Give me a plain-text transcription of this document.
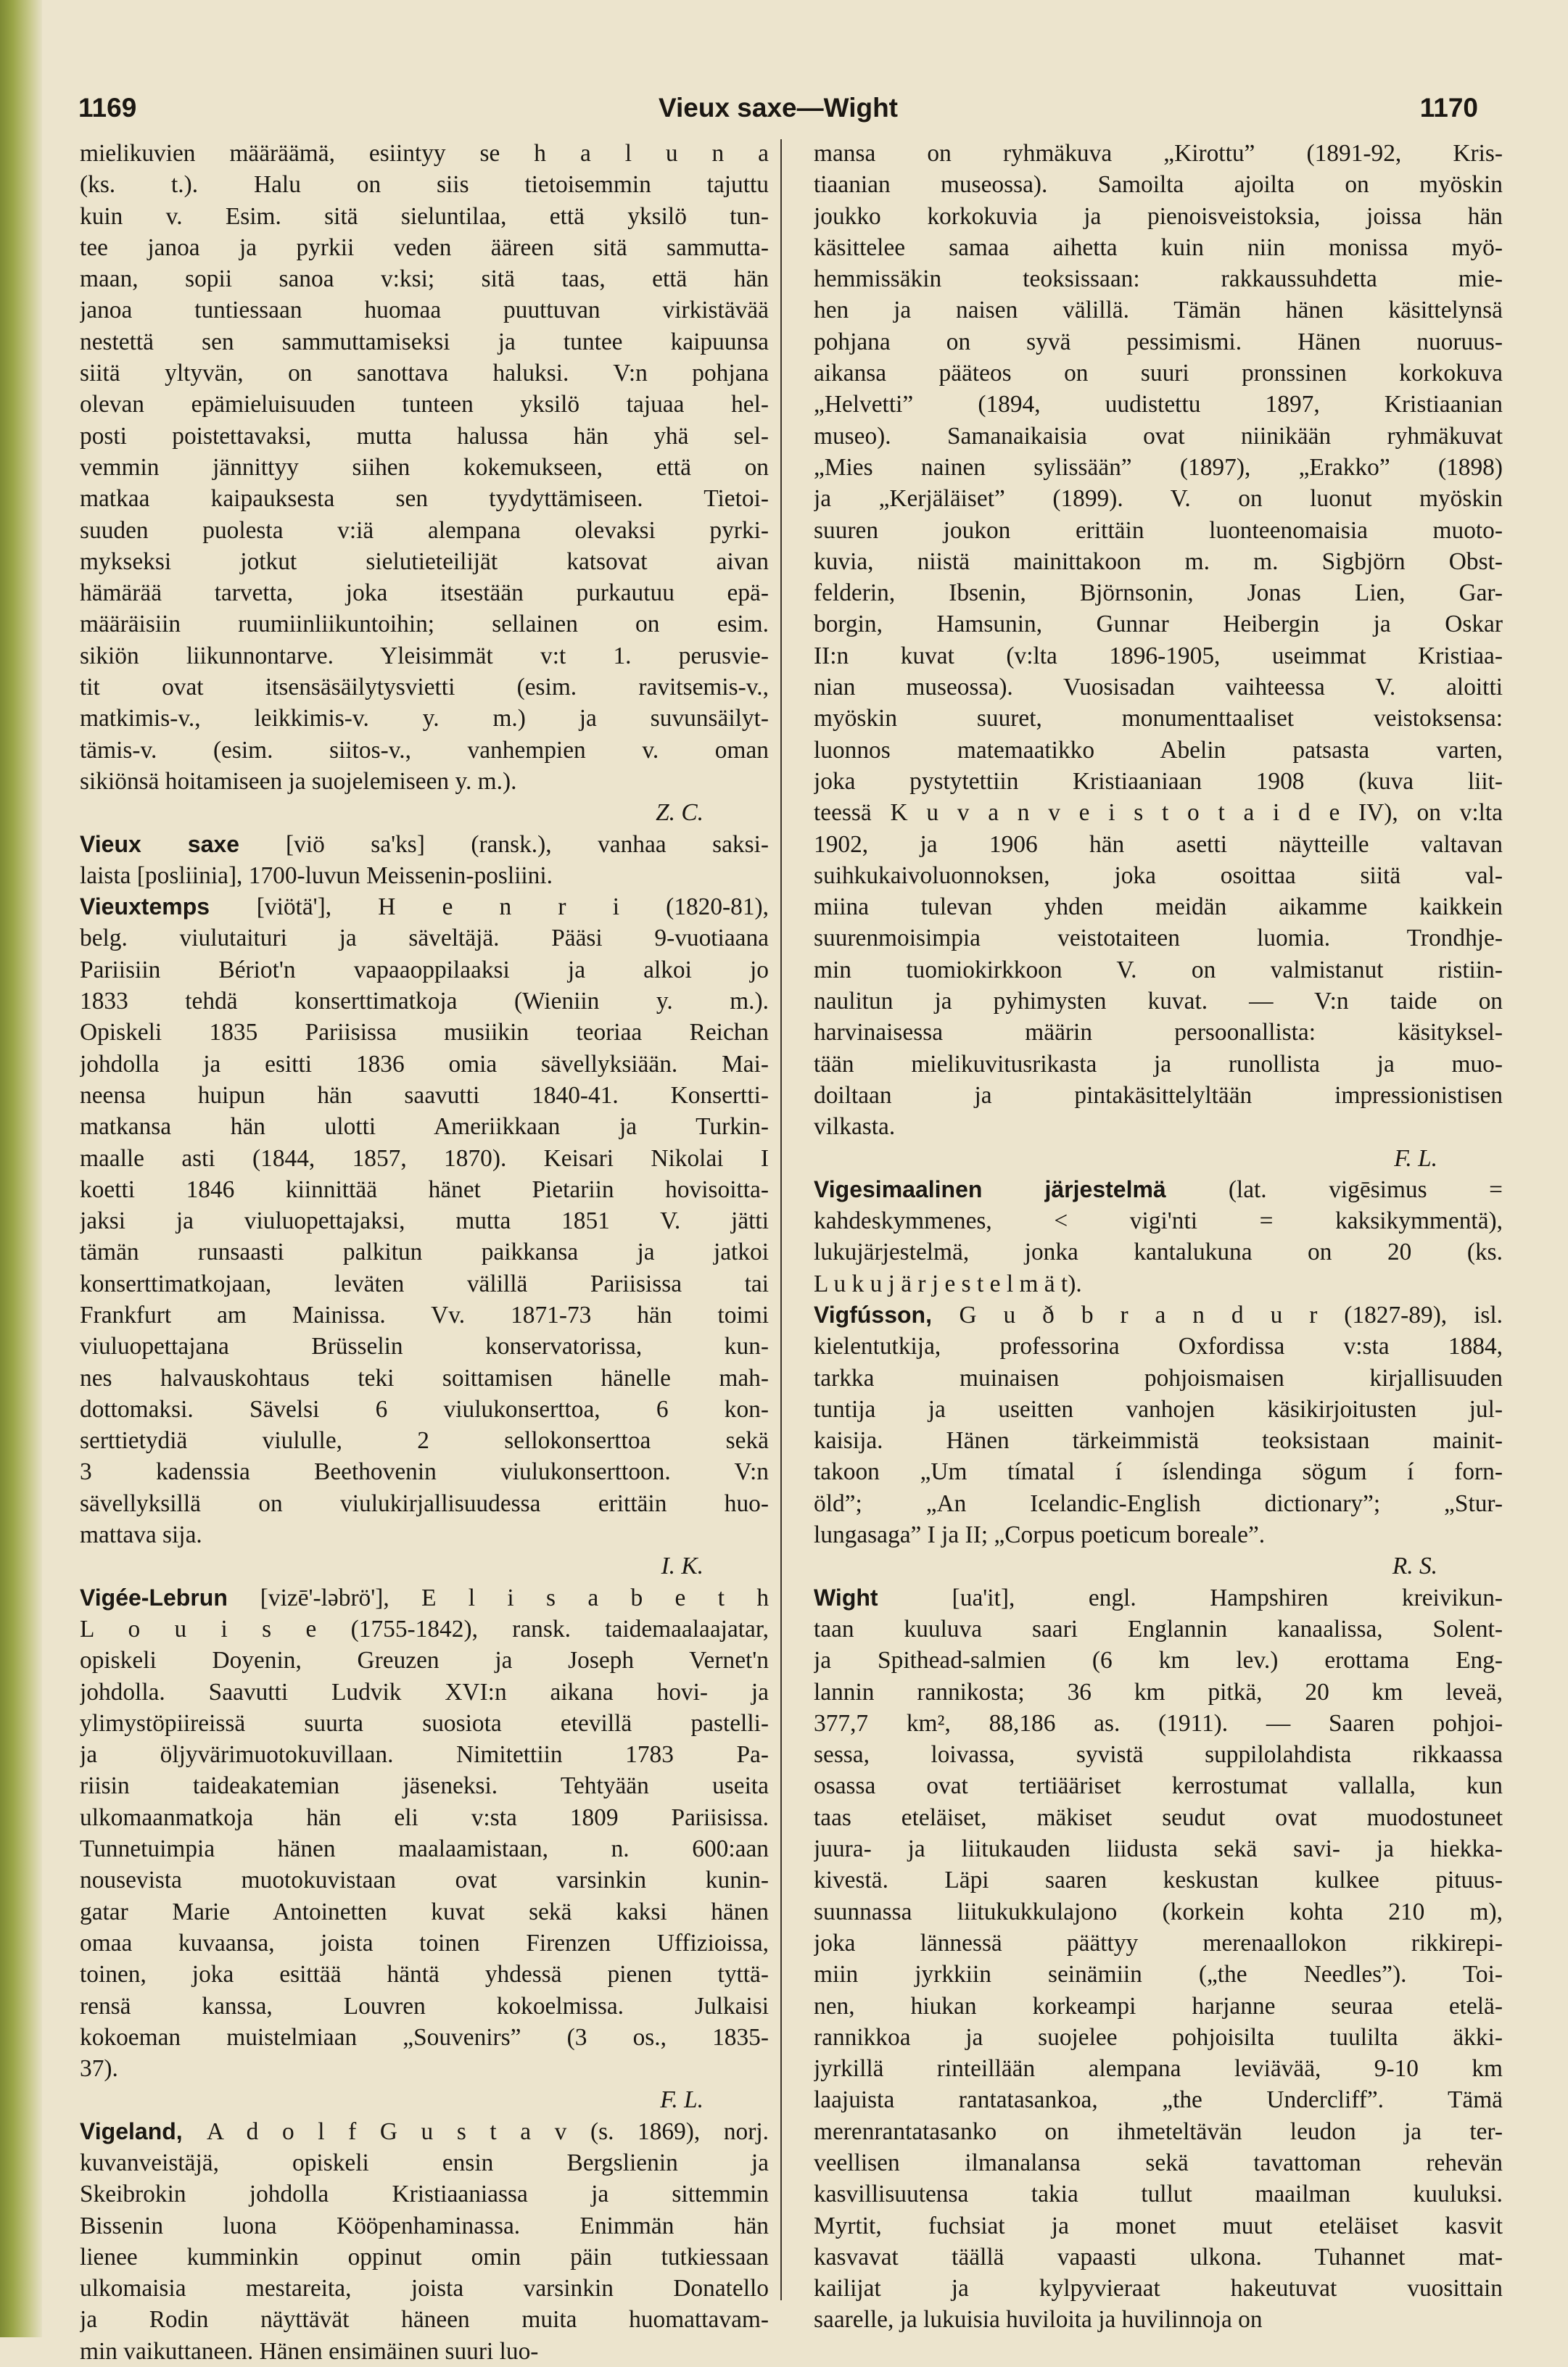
1169	Vieux saxe—Wight	1170
mielikuvien määräämä, esiintyy se h a l u n a
(ks. t.). Halu on siis tietoisemmin tajuttu
kuin v. Esim. sitä sieluntilaa, että yksilö tun-
tee janoa ja pyrkii veden ääreen sitä sammutta-
maan, sopii sanoa v:ksi; sitä taas, että hän
janoa tuntiessaan huomaa puuttuvan virkistävää
nestettä sen sammuttamiseksi ja tuntee kaipuunsa
siitä yltyvän, on sanottava haluksi. V:n pohjana
olevan epämieluisuuden tunteen yksilö tajuaa hel-
posti poistettavaksi, mutta halussa hän yhä sel-
vemmin jännittyy siihen kokemukseen, että on
matkaa kaipauksesta sen tyydyttämiseen. Tietoi-
suuden puolesta v:iä alempana olevaksi pyrki-
mykseksi jotkut sielutieteilijät katsovat aivan
hämärää tarvetta, joka itsestään purkautuu epä-
määräisiin ruumiinliikuntoihin; sellainen on esim.
sikiön liikunnontarve. Yleisimmät v:t 1. perusvie-
tit ovat itsensäsäilytysvietti (esim. ravitsemis-v.,
matkimis-v., leikkimis-v. y. m.) ja suvunsäilyt-
tämis-v. (esim. siitos-v., vanhempien v. oman
sikiönsä hoitamiseen ja suojelemiseen y. m.).
Z. C.
Vieux saxe [viö sa'ks] (ransk.), vanhaa saksi-
laista [posliinia], 1700-luvun Meissenin-posliini.
Vieuxtemps [viötä'], H e n r i (1820-81),
belg. viulutaituri ja säveltäjä. Pääsi 9-vuotiaana
Pariisiin Bériot'n vapaaoppilaaksi ja alkoi jo
1833 tehdä konserttimatkoja (Wieniin y. m.).
Opiskeli 1835 Pariisissa musiikin teoriaa Reichan
johdolla ja esitti 1836 omia sävellyksiään. Mai-
neensa huipun hän saavutti 1840-41. Konsertti-
matkansa hän ulotti Ameriikkaan ja Turkin-
maalle asti (1844, 1857, 1870). Keisari Nikolai I
koetti 1846 kiinnittää hänet Pietariin hovisoitta-
jaksi ja viuluopettajaksi, mutta 1851 V. jätti
tämän runsaasti palkitun paikkansa ja jatkoi
konserttimatkojaan, leväten välillä Pariisissa tai
Frankfurt am Mainissa. Vv. 1871-73 hän toimi
viuluopettajana Brüsselin konservatorissa, kun-
nes halvauskohtaus teki soittamisen hänelle mah-
dottomaksi. Sävelsi 6 viulukonserttoa, 6 kon-
serttietydiä viululle, 2 sellokonserttoa sekä
3 kadenssia Beethovenin viulukonserttoon. V:n
sävellyksillä on viulukirjallisuudessa erittäin huo-
mattava sija.
I. K.
Vigée-Lebrun [vizē'-lǝbrö'], E l i s a b e t h
L o u i s e (1755-1842), ransk. taidemaalaajatar,
opiskeli Doyenin, Greuzen ja Joseph Vernet'n
johdolla. Saavutti Ludvik XVI:n aikana hovi- ja
ylimystöpiireissä suurta suosiota etevillä pastelli-
ja öljyvärimuotokuvillaan. Nimitettiin 1783 Pa-
riisin taideakatemian jäseneksi. Tehtyään useita
ulkomaanmatkoja hän eli v:sta 1809 Pariisissa.
Tunnetuimpia hänen maalaamistaan, n. 600:aan
nousevista muotokuvistaan ovat varsinkin kunin-
gatar Marie Antoinetten kuvat sekä kaksi hänen
omaa kuvaansa, joista toinen Firenzen Uffizioissa,
toinen, joka esittää häntä yhdessä pienen tyttä-
rensä kanssa, Louvren kokoelmissa. Julkaisi
kokoeman muistelmiaan „Souvenirs” (3 os., 1835-
37).
F. L.
Vigeland, A d o l f G u s t a v (s. 1869), norj.
kuvanveistäjä, opiskeli ensin Bergslienin ja
Skeibrokin johdolla Kristiaaniassa ja sittemmin
Bissenin luona Kööpenhaminassa. Enimmän hän
lienee kumminkin oppinut omin päin tutkiessaan
ulkomaisia mestareita, joista varsinkin Donatello
ja Rodin näyttävät häneen muita huomattavam-
min vaikuttaneen. Hänen ensimäinen suuri luo-
mansa on ryhmäkuva „Kirottu” (1891-92, Kris-
tiaanian museossa). Samoilta ajoilta on myöskin
joukko korkokuvia ja pienoisveistoksia, joissa hän
käsittelee samaa aihetta kuin niin monissa myö-
hemmissäkin teoksissaan: rakkaussuhdetta mie-
hen ja naisen välillä. Tämän hänen käsittelynsä
pohjana on syvä pessimismi. Hänen nuoruus-
aikansa pääteos on suuri pronssinen korkokuva
„Helvetti” (1894, uudistettu 1897, Kristiaanian
museo). Samanaikaisia ovat niinikään ryhmäkuvat
„Mies nainen sylissään” (1897), „Erakko” (1898)
ja „Kerjäläiset” (1899). V. on luonut myöskin
suuren joukon erittäin luonteenomaisia muoto-
kuvia, niistä mainittakoon m. m. Sigbjörn Obst-
felderin, Ibsenin, Björnsonin, Jonas Lien, Gar-
borgin, Hamsunin, Gunnar Heibergin ja Oskar
II:n kuvat (v:lta 1896-1905, useimmat Kristiaa-
nian museossa). Vuosisadan vaihteessa V. aloitti
myöskin suuret, monumenttaaliset veistoksensa:
luonnos matemaatikko Abelin patsasta varten,
joka pystytettiin Kristiaaniaan 1908 (kuva liit-
teessä K u v a n v e i s t o t a i d e IV), on v:lta
1902, ja 1906 hän asetti näytteille valtavan
suihkukaivoluonnoksen, joka osoittaa siitä val-
miina tulevan yhden meidän aikamme kaikkein
suurenmoisimpia veistotaiteen luomia. Trondhje-
min tuomiokirkkoon V. on valmistanut ristiin-
naulitun ja pyhimysten kuvat. — V:n taide on
harvinaisessa määrin persoonallista: käsityksel-
tään mielikuvitusrikasta ja runollista ja muo-
doiltaan ja pintakäsittelyltään impressionistisen
vilkasta.
F. L.
Vigesimaalinen järjestelmä (lat. vigēsimus =
kahdeskymmenes, < vigi'nti = kaksikymmentä),
lukujärjestelmä, jonka kantalukuna on 20 (ks.
L u k u j ä r j e s t e l m ä t).
Vigfússon, G u ð b r a n d u r (1827-89), isl.
kielentutkija, professorina Oxfordissa v:sta 1884,
tarkka muinaisen pohjoismaisen kirjallisuuden
tuntija ja useitten vanhojen käsikirjoitusten jul-
kaisija. Hänen tärkeimmistä teoksistaan mainit-
takoon „Um tímatal í íslendinga sögum í forn-
öld”; „An Icelandic-English dictionary”; „Stur-
lungasaga” I ja II; „Corpus poeticum boreale”.
R. S.
Wight [ua'it], engl. Hampshiren kreivikun-
taan kuuluva saari Englannin kanaalissa, Solent-
ja Spithead-salmien (6 km lev.) erottama Eng-
lannin rannikosta; 36 km pitkä, 20 km leveä,
377,7 km², 88,186 as. (1911). — Saaren pohjoi-
sessa, loivassa, syvistä suppilolahdista rikkaassa
osassa ovat tertiääriset kerrostumat vallalla, kun
taas eteläiset, mäkiset seudut ovat muodostuneet
juura- ja liitukauden liidusta sekä savi- ja hiekka-
kivestä. Läpi saaren keskustan kulkee pituus-
suunnassa liitukukkulajono (korkein kohta 210 m),
joka lännessä päättyy merenaallokon rikkirepi-
miin jyrkkiin seinämiin („the Needles”). Toi-
nen, hiukan korkeampi harjanne seuraa etelä-
rannikkoa ja suojelee pohjoisilta tuulilta äkki-
jyrkillä rinteillään alempana leviävää, 9-10 km
laajuista rantatasankoa, „the Undercliff”. Tämä
merenrantatasanko on ihmeteltävän leudon ja ter-
veellisen ilmanalansa sekä tavattoman rehevän
kasvillisuutensa takia tullut maailman kuuluksi.
Myrtit, fuchsiat ja monet muut eteläiset kasvit
kasvavat täällä vapaasti ulkona. Tuhannet mat-
kailijat ja kylpyvieraat hakeutuvat vuosittain
saarelle, ja lukuisia huviloita ja huvilinnoja on
